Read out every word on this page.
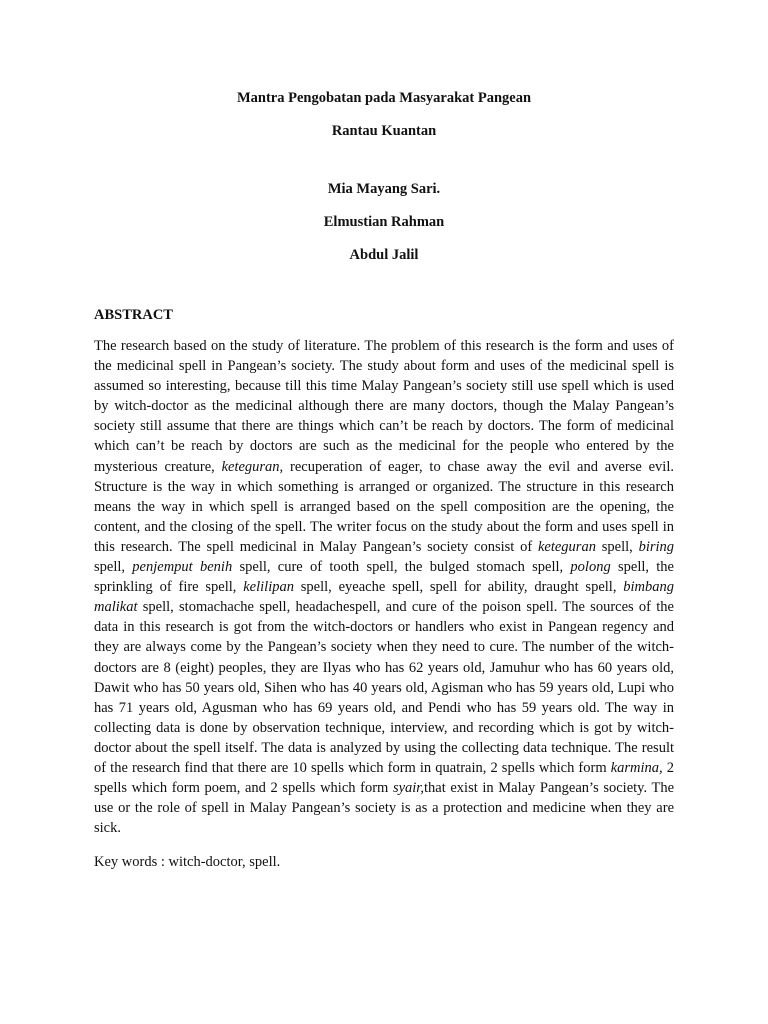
Mantra Pengobatan pada Masyarakat Pangean

Rantau Kuantan

Mia Mayang Sari.

Elmustian Rahman

Abdul Jalil

ABSTRACT

The research based on the study of literature. The problem of this research is the form and uses of the medicinal spell in Pangean’s society. The study about form and uses of the medicinal spell is assumed so interesting, because till this time Malay Pangean’s society still use spell which is used by witch-doctor as the medicinal although there are many doctors, though the Malay Pangean’s society still assume that there are things which can’t be reach by doctors. The form of medicinal which can’t be reach by doctors are such as the medicinal for the people who entered by the mysterious creature, keteguran, recuperation of eager, to chase away the evil and averse evil. Structure is the way in which something is arranged or organized. The structure in this research means the way in which spell is arranged based on the spell composition are the opening, the content, and the closing of the spell. The writer focus on the study about the form and uses spell in this research. The spell medicinal in Malay Pangean’s society consist of keteguran spell, biring spell, penjemput benih spell, cure of tooth spell, the bulged stomach spell, polong spell, the sprinkling of fire spell, kelilipan spell, eyeache spell, spell for ability, draught spell, bimbang malikat spell, stomachache spell, headachespell, and cure of the poison spell. The sources of the data in this research is got from the witch-doctors or handlers who exist in Pangean regency and they are always come by the Pangean’s society when they need to cure. The number of the witch-doctors are 8 (eight) peoples, they are Ilyas who has 62 years old, Jamuhur who has 60 years old, Dawit who has 50 years old, Sihen who has 40 years old, Agisman who has 59 years old, Lupi who has 71 years old, Agusman who has 69 years old, and Pendi who has 59 years old. The way in collecting data is done by observation technique, interview, and recording which is got by witch-doctor about the spell itself. The data is analyzed by using the collecting data technique. The result of the research find that there are 10 spells which form in quatrain, 2 spells which form karmina, 2 spells which form poem, and 2 spells which form syair,that exist in Malay Pangean’s society. The use or the role of spell in Malay Pangean’s society is as a protection and medicine when they are sick.

Key words : witch-doctor, spell.
